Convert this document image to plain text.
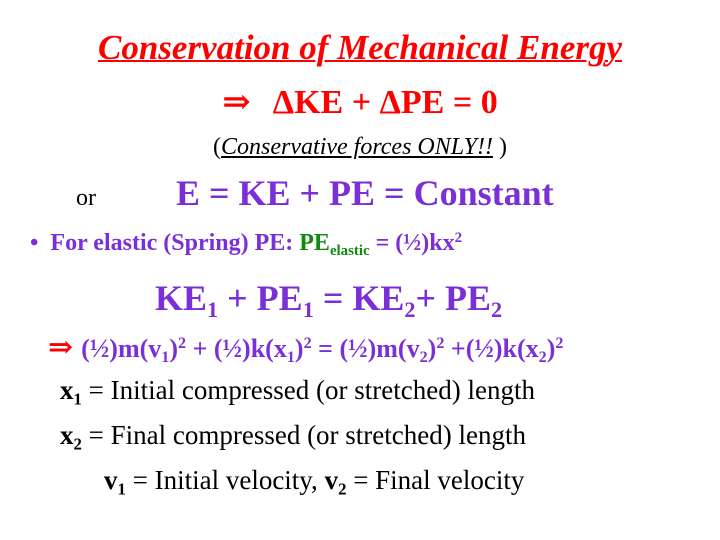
Conservation of Mechanical Energy
⇒ ΔKE + ΔPE = 0
(Conservative forces ONLY!! )
or E = KE + PE = Constant
• For elastic (Spring) PE: $PE_{elastic}$ = $(\frac{1}{2})kx^2$
$KE_1 + PE_1 = KE_2+ PE_2$
⇒ $(\frac{1}{2})m(v_1)^2$ + $(\frac{1}{2})k(x_1)^2$ = $(\frac{1}{2})m(v_2)^2$ $+(\frac{1}{2})k(x_2)^2$
$x_1$ = Initial compressed (or stretched) length
$x_2$ = Final compressed (or stretched) length
$v_1$ = Initial velocity, $v_2$ = Final velocity
